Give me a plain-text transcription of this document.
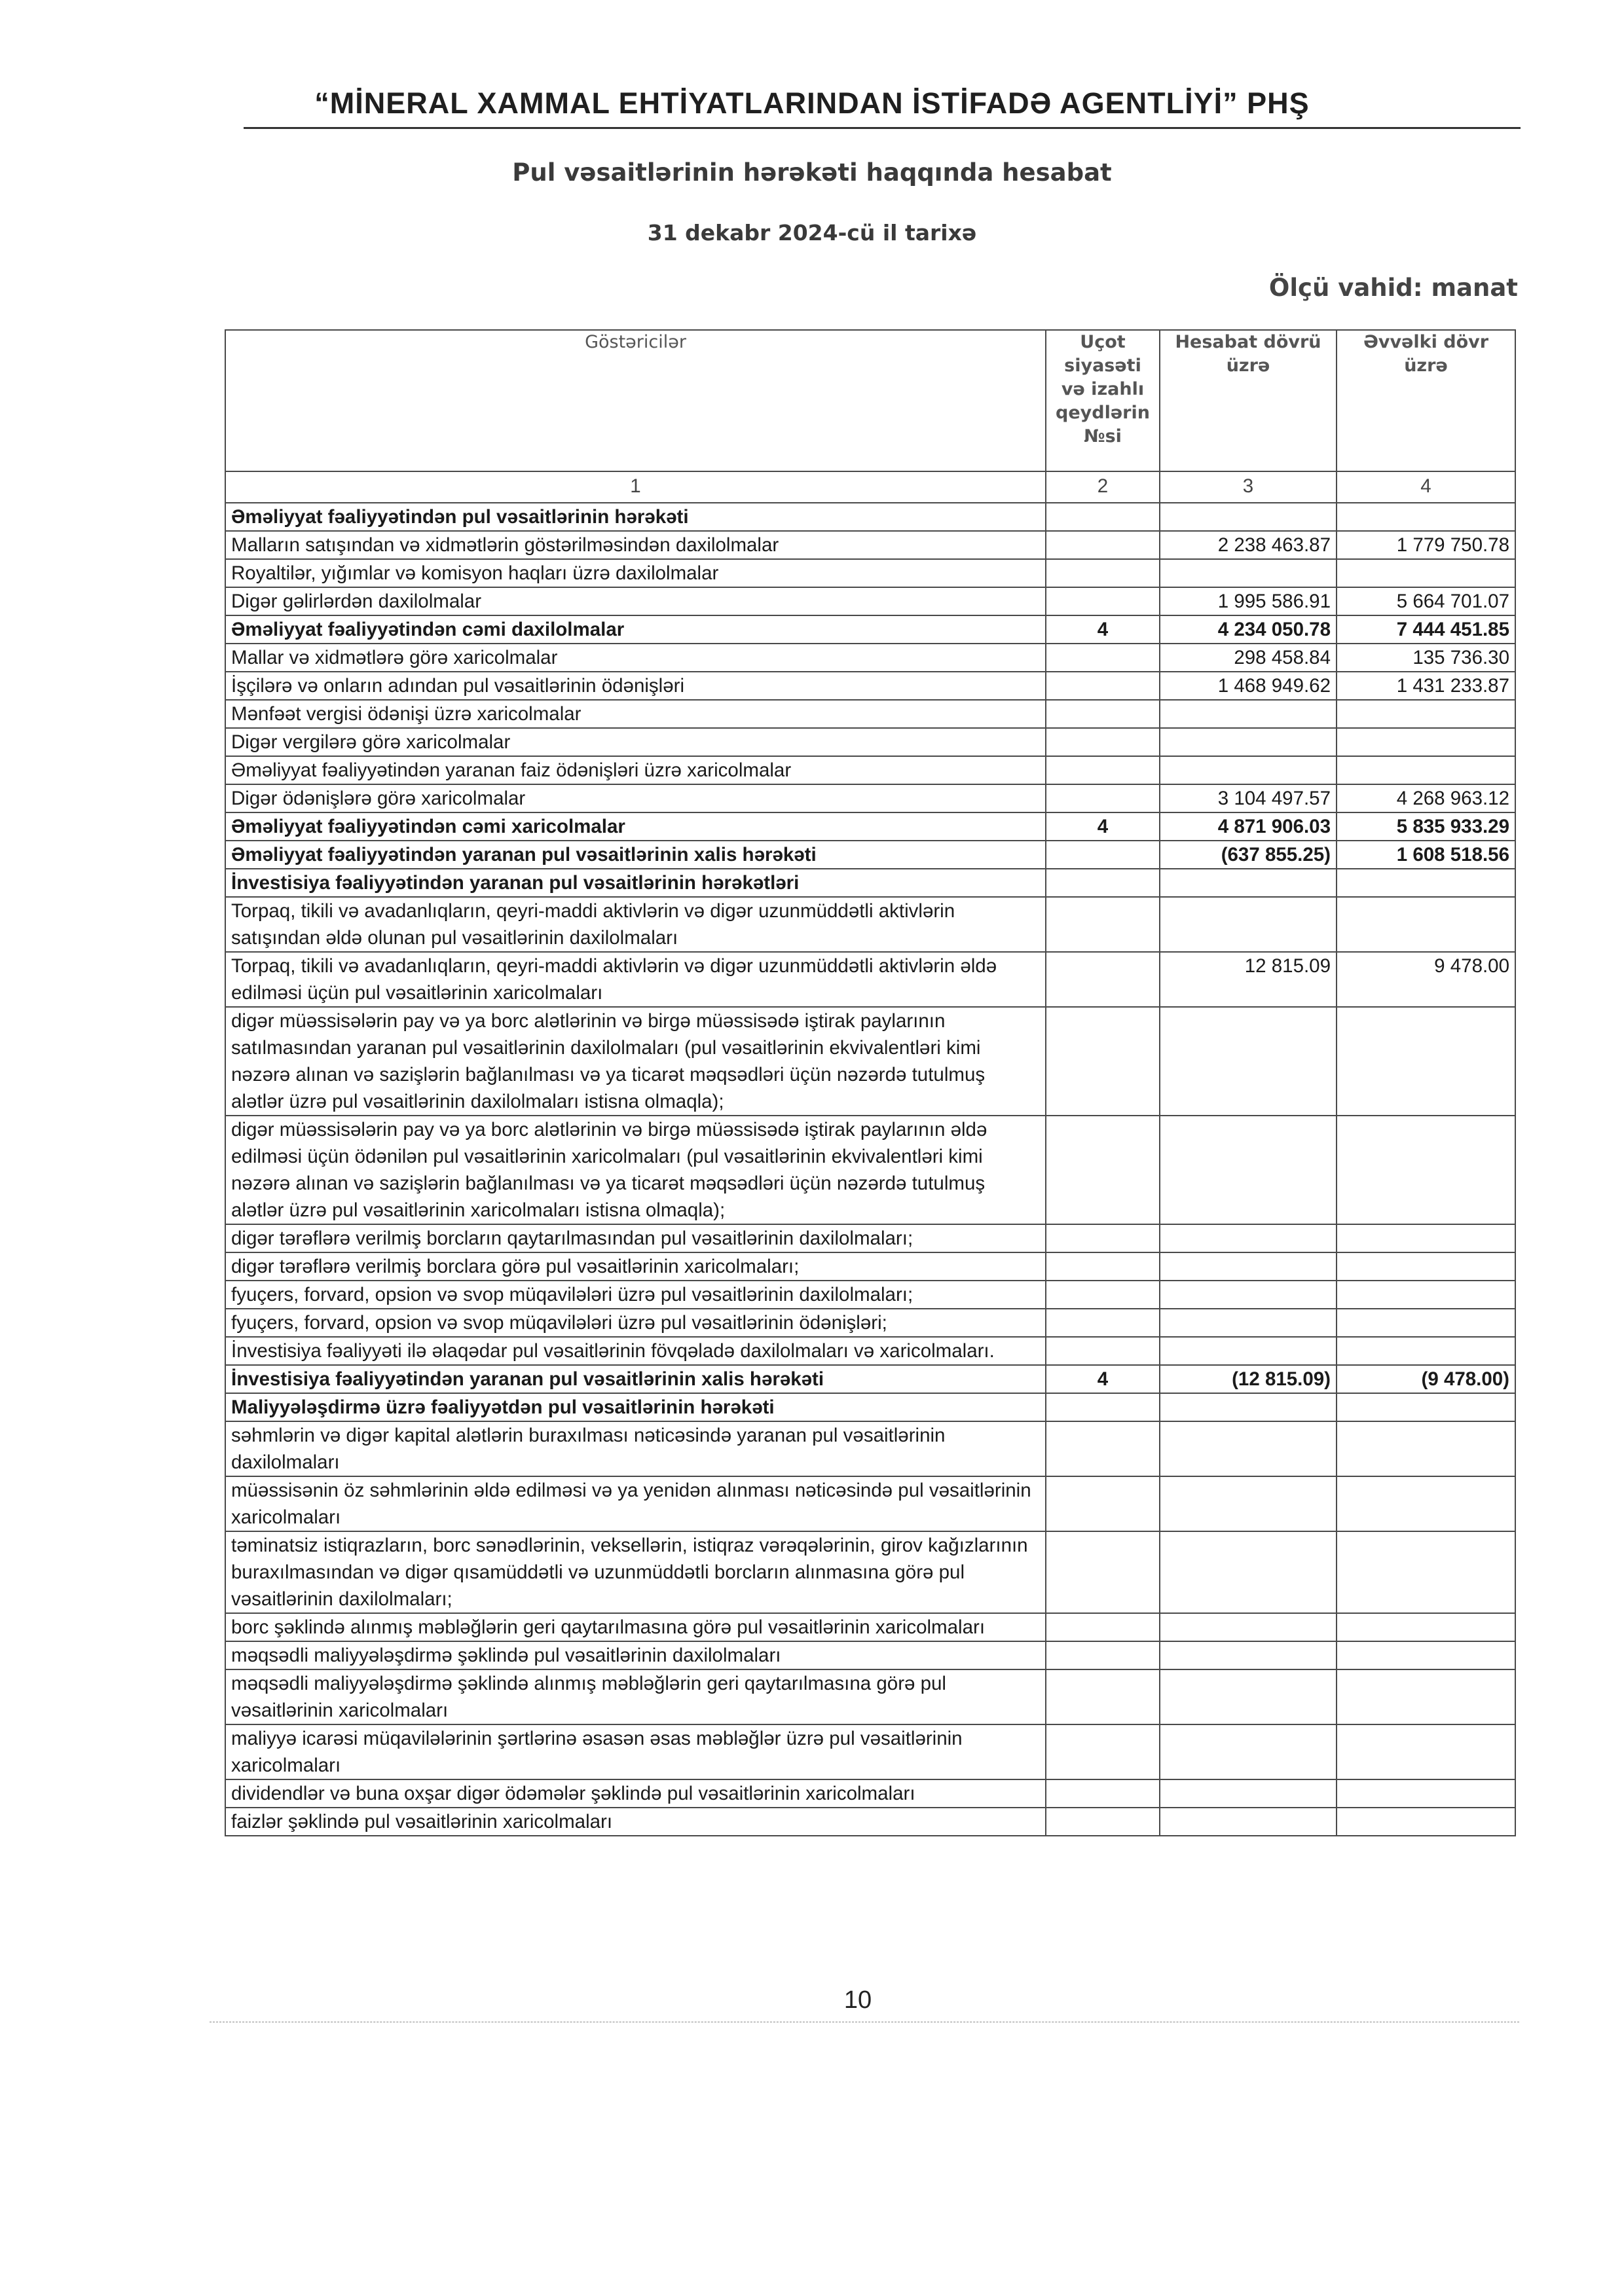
“MİNERAL XAMMAL EHTİYATLARINDAN İSTİFADƏ AGENTLİYİ” PHŞ
Pul vəsaitlərinin hərəkəti haqqında hesabat
31 dekabr 2024-cü il tarixə
Ölçü vahid: manat
Göstəricilər	Uçot siyasəti və izahlı qeydlərin №si	Hesabat dövrü üzrə	Əvvəlki dövr üzrə
1	2	3	4
Əməliyyat fəaliyyətindən pul vəsaitlərinin hərəkəti			
Malların satışından və xidmətlərin göstərilməsindən daxilolmalar		2 238 463.87	1 779 750.78
Royaltilər, yığımlar və komisyon haqları üzrə daxilolmalar			
Digər gəlirlərdən daxilolmalar		1 995 586.91	5 664 701.07
Əməliyyat fəaliyyətindən cəmi daxilolmalar	4	4 234 050.78	7 444 451.85
Mallar və xidmətlərə görə xaricolmalar		298 458.84	135 736.30
İşçilərə və onların adından pul vəsaitlərinin ödənişləri		1 468 949.62	1 431 233.87
Mənfəət vergisi ödənişi üzrə xaricolmalar			
Digər vergilərə görə xaricolmalar			
Əməliyyat fəaliyyətindən yaranan faiz ödənişləri üzrə xaricolmalar			
Digər ödənişlərə görə xaricolmalar		3 104 497.57	4 268 963.12
Əməliyyat fəaliyyətindən cəmi xaricolmalar	4	4 871 906.03	5 835 933.29
Əməliyyat fəaliyyətindən yaranan pul vəsaitlərinin xalis hərəkəti		(637 855.25)	1 608 518.56
İnvestisiya fəaliyyətindən yaranan pul vəsaitlərinin hərəkətləri			
Torpaq, tikili və avadanlıqların, qeyri-maddi aktivlərin və digər uzunmüddətli aktivlərin satışından əldə olunan pul vəsaitlərinin daxilolmaları			
Torpaq, tikili və avadanlıqların, qeyri-maddi aktivlərin və digər uzunmüddətli aktivlərin əldə edilməsi üçün pul vəsaitlərinin xaricolmaları		12 815.09	9 478.00
digər müəssisələrin pay və ya borc alətlərinin və birgə müəssisədə iştirak paylarının satılmasından yaranan pul vəsaitlərinin daxilolmaları (pul vəsaitlərinin ekvivalentləri kimi nəzərə alınan və sazişlərin bağlanılması və ya ticarət məqsədləri üçün nəzərdə tutulmuş alətlər üzrə pul vəsaitlərinin daxilolmaları istisna olmaqla);			
digər müəssisələrin pay və ya borc alətlərinin və birgə müəssisədə iştirak paylarının əldə edilməsi üçün ödənilən pul vəsaitlərinin xaricolmaları (pul vəsaitlərinin ekvivalentləri kimi nəzərə alınan və sazişlərin bağlanılması və ya ticarət məqsədləri üçün nəzərdə tutulmuş alətlər üzrə pul vəsaitlərinin xaricolmaları istisna olmaqla);			
digər tərəflərə verilmiş borcların qaytarılmasından pul vəsaitlərinin daxilolmaları;			
digər tərəflərə verilmiş borclara görə pul vəsaitlərinin xaricolmaları;			
fyuçers, forvard, opsion və svop müqavilələri üzrə pul vəsaitlərinin daxilolmaları;			
fyuçers, forvard, opsion və svop müqavilələri üzrə pul vəsaitlərinin ödənişləri;			
İnvestisiya fəaliyyəti ilə əlaqədar pul vəsaitlərinin fövqəladə daxilolmaları və xaricolmaları.			
İnvestisiya fəaliyyətindən yaranan pul vəsaitlərinin xalis hərəkəti	4	(12 815.09)	(9 478.00)
Maliyyələşdirmə üzrə fəaliyyətdən pul vəsaitlərinin hərəkəti			
səhmlərin və digər kapital alətlərin buraxılması nəticəsində yaranan pul vəsaitlərinin daxilolmaları			
müəssisənin öz səhmlərinin əldə edilməsi və ya yenidən alınması nəticəsində pul vəsaitlərinin xaricolmaları			
təminatsiz istiqrazların, borc sənədlərinin, veksellərin, istiqraz vərəqələrinin, girov kağızlarının buraxılmasından və digər qısamüddətli və uzunmüddətli borcların alınmasına görə pul vəsaitlərinin daxilolmaları;			
borc şəklində alınmış məbləğlərin geri qaytarılmasına görə pul vəsaitlərinin xaricolmaları			
məqsədli maliyyələşdirmə şəklində pul vəsaitlərinin daxilolmaları			
məqsədli maliyyələşdirmə şəklində alınmış məbləğlərin geri qaytarılmasına görə pul vəsaitlərinin xaricolmaları			
maliyyə icarəsi müqavilələrinin şərtlərinə əsasən əsas məbləğlər üzrə pul vəsaitlərinin xaricolmaları			
dividendlər və buna oxşar digər ödəmələr şəklində pul vəsaitlərinin xaricolmaları			
faizlər şəklində pul vəsaitlərinin xaricolmaları			
10
